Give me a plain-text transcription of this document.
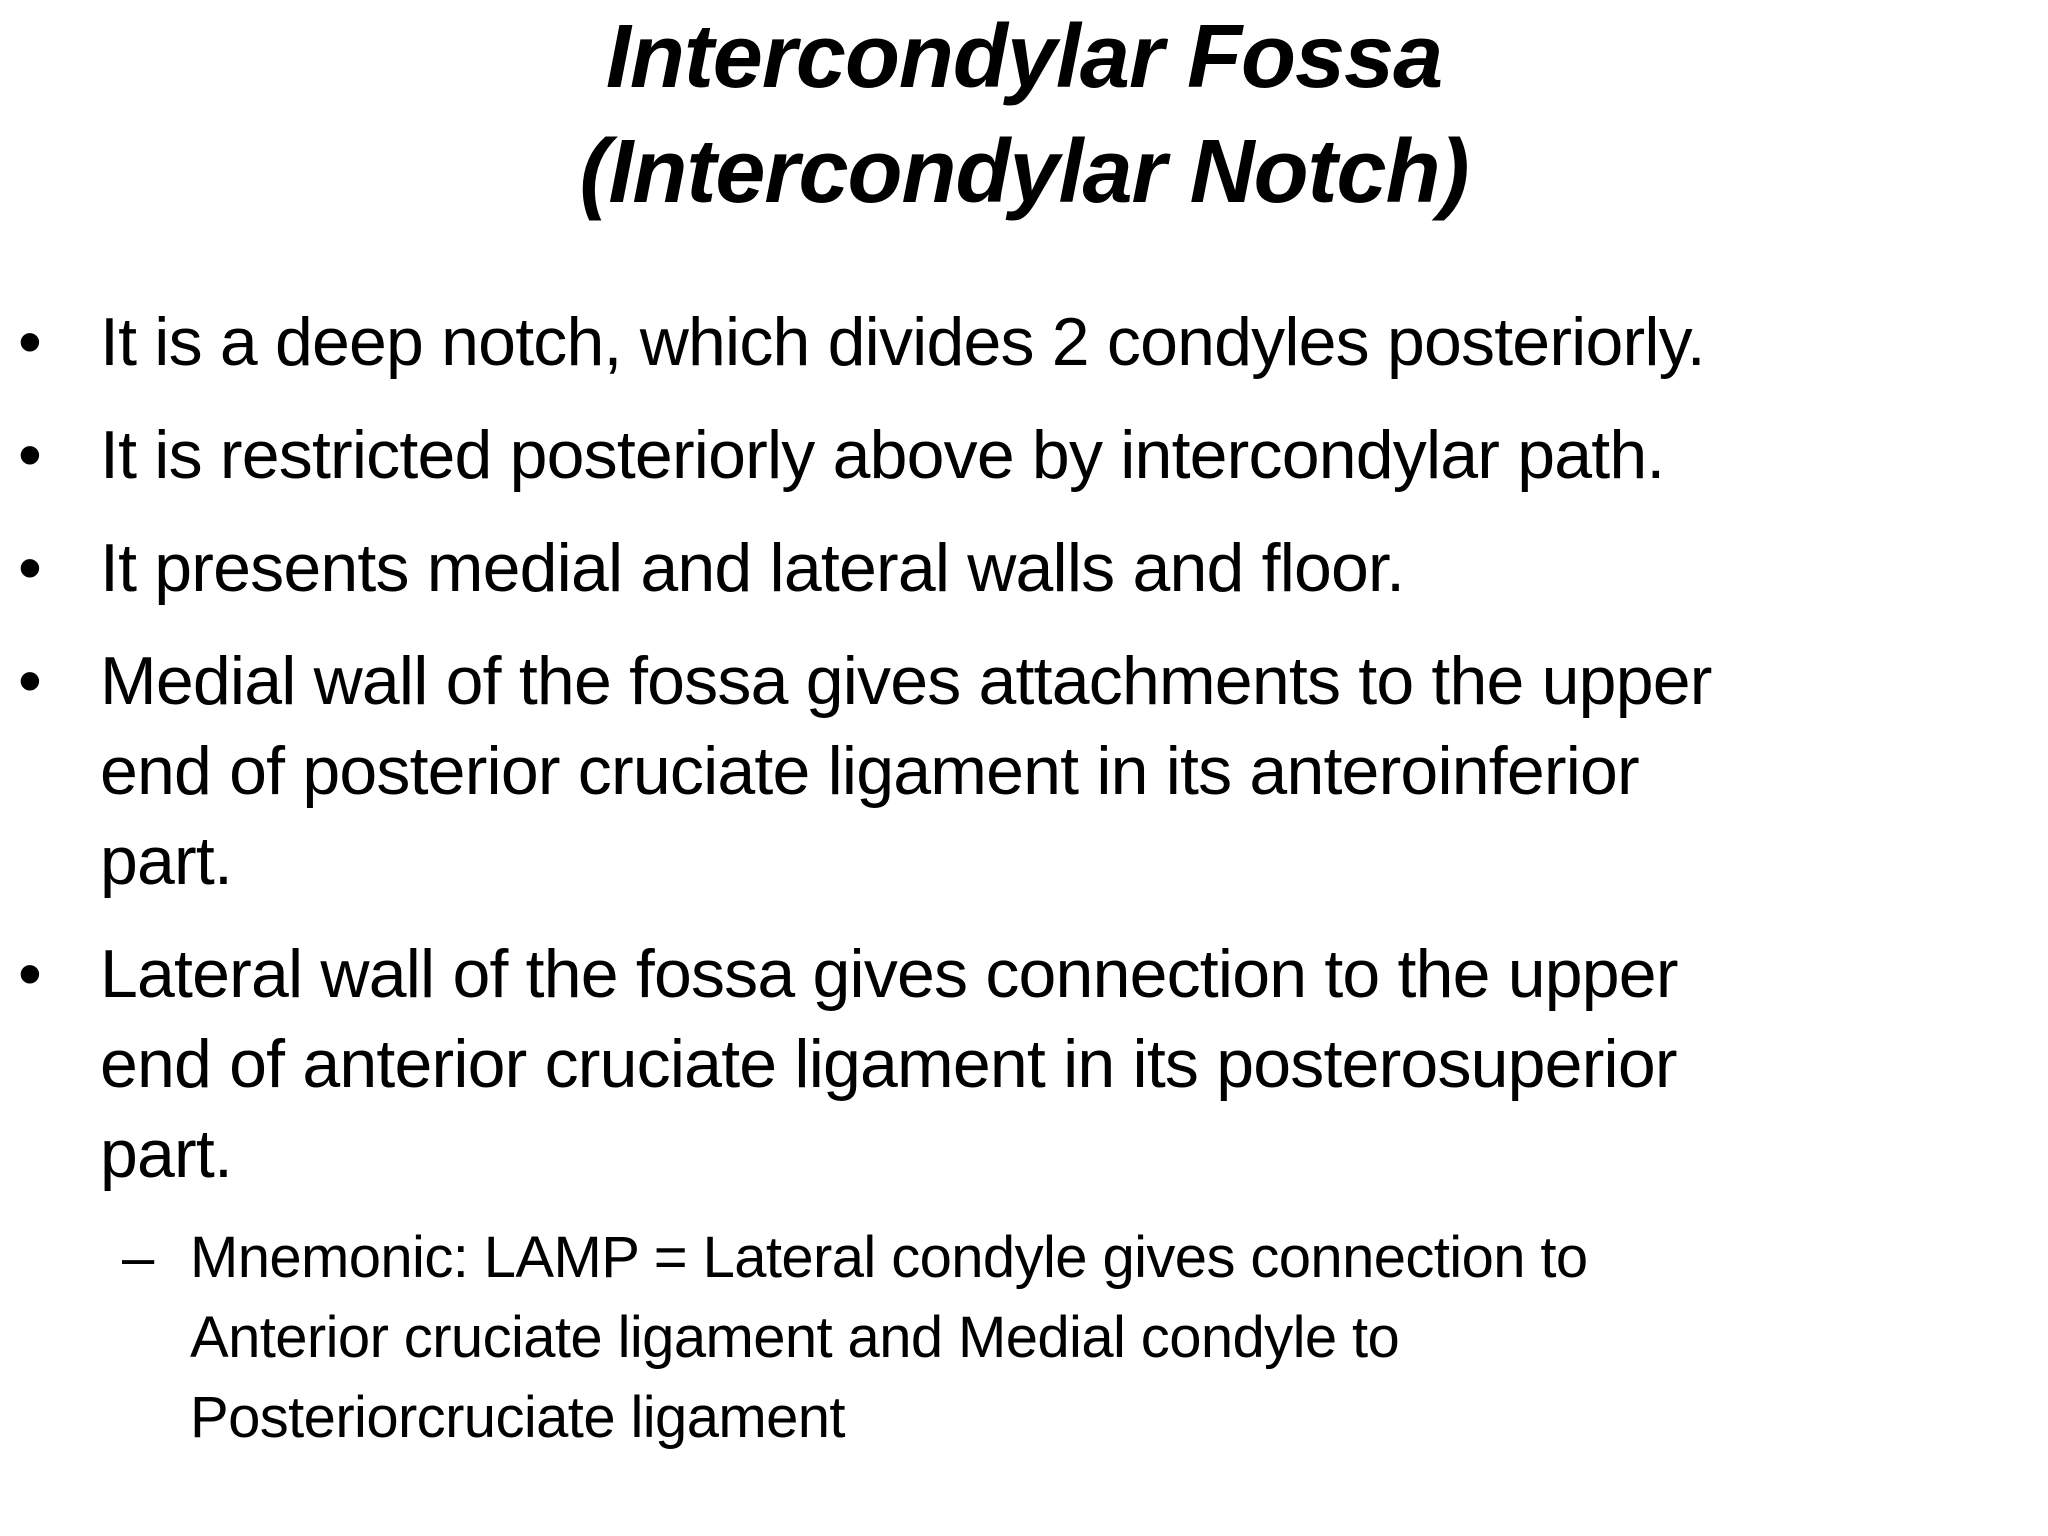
Intercondylar Fossa
(Intercondylar Notch)
• It is a deep notch, which divides 2 condyles posteriorly.
• It is restricted posteriorly above by intercondylar path.
• It presents medial and lateral walls and floor.
• Medial wall of the fossa gives attachments to the upper
end of posterior cruciate ligament in its anteroinferior
part.
• Lateral wall of the fossa gives connection to the upper
end of anterior cruciate ligament in its posterosuperior
part.
– Mnemonic: LAMP = Lateral condyle gives connection to
Anterior cruciate ligament and Medial condyle to
Posteriorcruciate ligament
